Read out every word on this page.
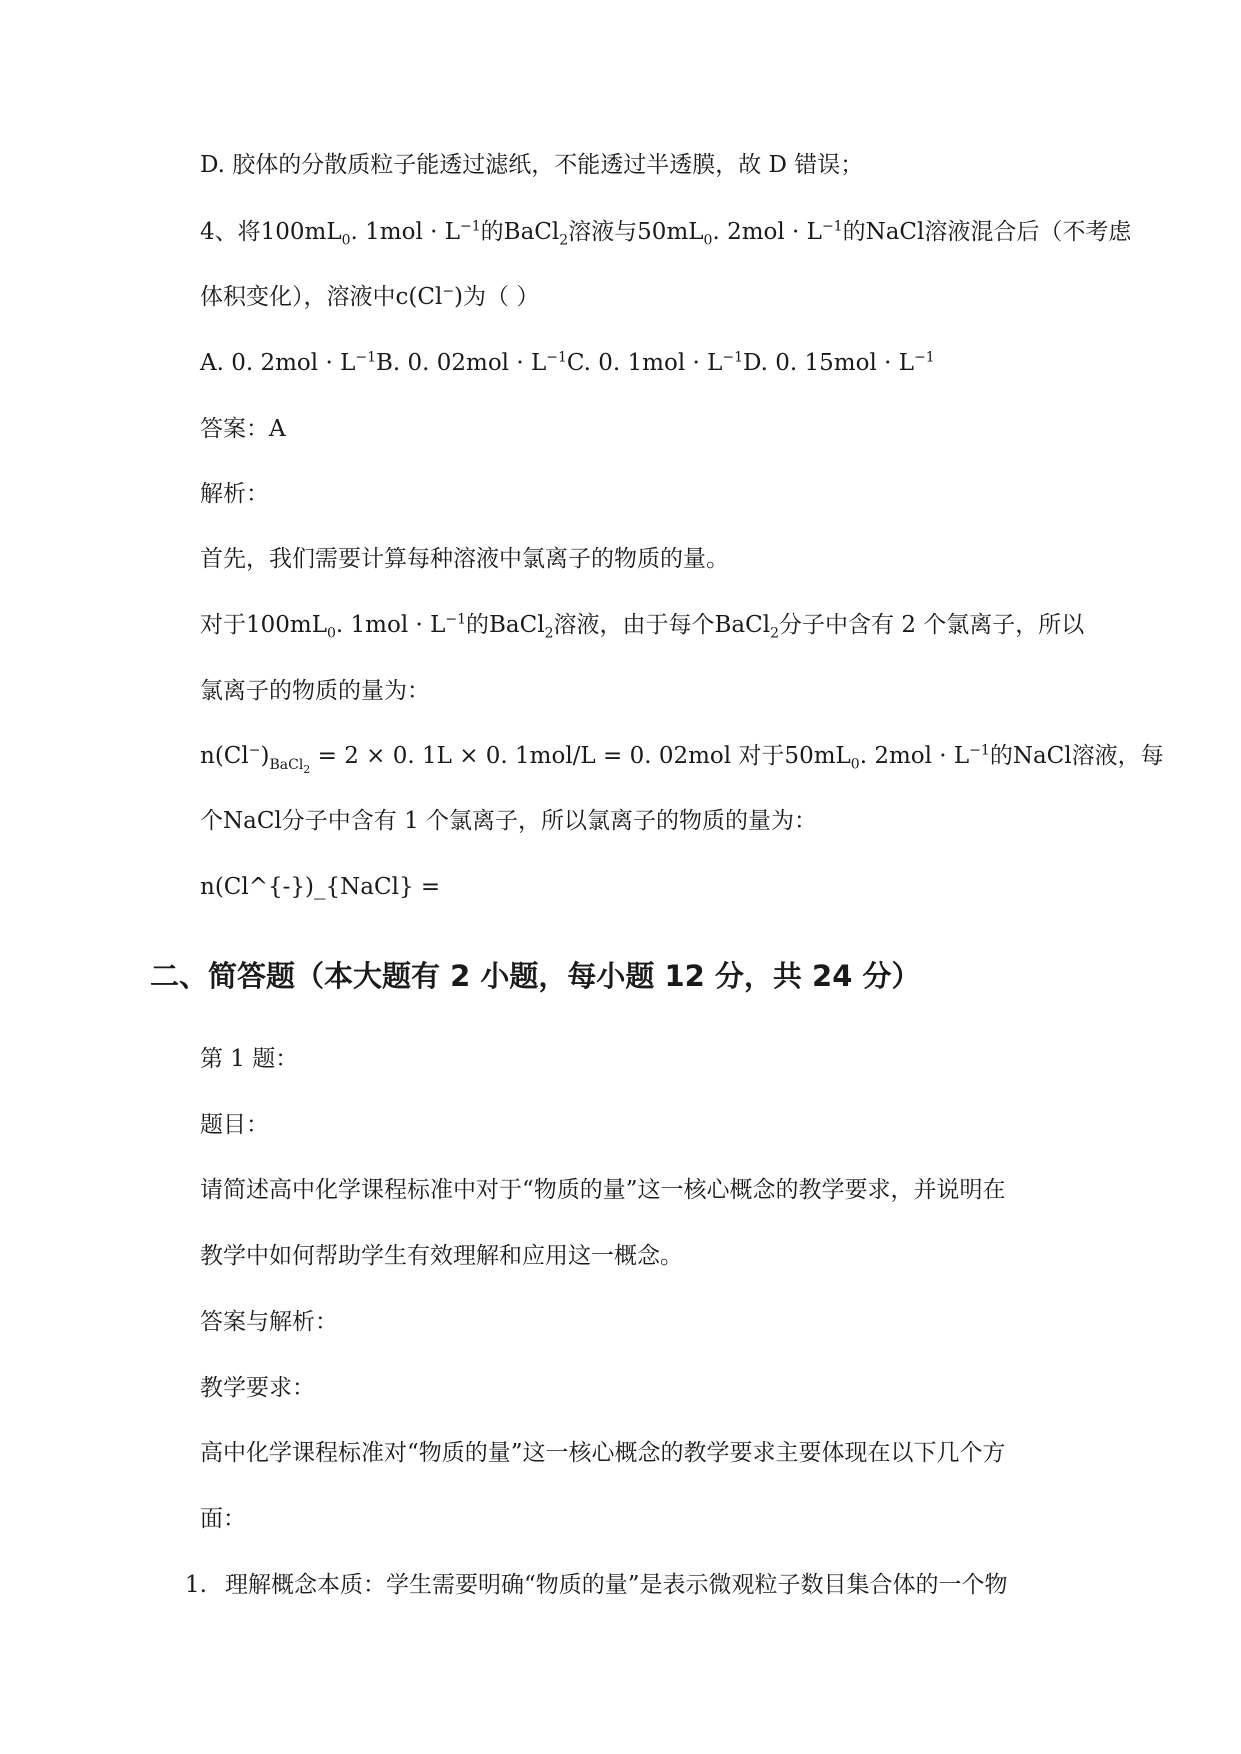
D. 胶体的分散质粒子能透过滤纸，不能透过半透膜，故 D 错误；
4、将$100mL_0$. $1mol \cdot L^{-1}$的BaCl$_2$溶液与$50mL_0$. $2mol \cdot L^{-1}$的NaCl溶液混合后（不考虑
体积变化），溶液中c(Cl−)为（ ）
A. 0. $2mol \cdot L^{-1}B$. 0. $02mol \cdot L^{-1}C$. 0. $1mol \cdot L^{-1}D$. 0. $15mol \cdot L^{-1}$
答案：A
解析：
首先，我们需要计算每种溶液中氯离子的物质的量。
对于$100mL_0$. $1mol \cdot L^{-1}$的BaCl$_2$溶液，由于每个BaCl$_2$分子中含有 2 个氯离子，所以
氯离子的物质的量为：
$n(Cl^-)_{BaCl_2} = 2 \times 0$. 1L × 0. 1mol/L = 0. 02mol 对于$50mL_0$. $2mol \cdot L^{-1}$的NaCl溶液，每
个NaCl分子中含有 1 个氯离子，所以氯离子的物质的量为：
n(Cl^{-})_{NaCl} =
二、简答题（本大题有 2 小题，每小题 12 分，共 24 分）
第 1 题：
题目：
请简述高中化学课程标准中对于“物质的量”这一核心概念的教学要求，并说明在
教学中如何帮助学生有效理解和应用这一概念。
答案与解析：
教学要求：
高中化学课程标准对“物质的量”这一核心概念的教学要求主要体现在以下几个方
面：
1. 理解概念本质：学生需要明确“物质的量”是表示微观粒子数目集合体的一个物
